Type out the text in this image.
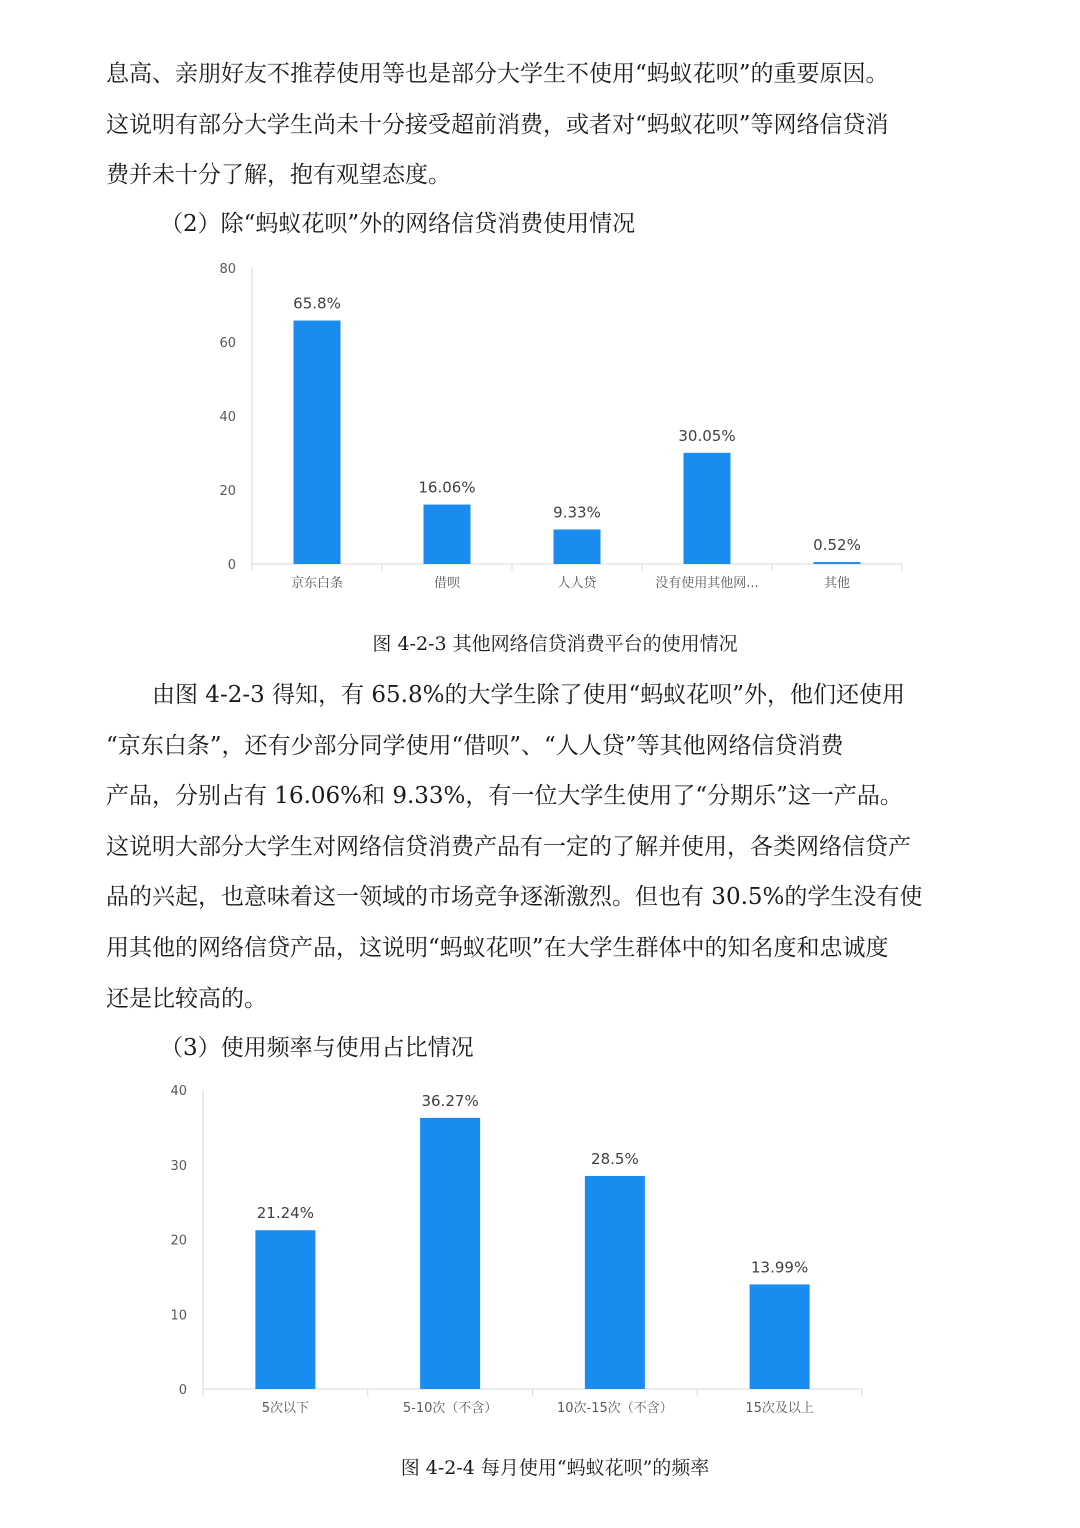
息高、亲朋好友不推荐使用等也是部分大学生不使用“蚂蚁花呗”的重要原因。
这说明有部分大学生尚未十分接受超前消费，或者对“蚂蚁花呗”等网络信贷消
费并未十分了解，抱有观望态度。

（2）除“蚂蚁花呗”外的网络信贷消费使用情况

0
20
40
60
80
65.8%
京东白条
16.06%
借呗
9.33%
人人贷
30.05%
没有使用其他网...
0.52%
其他

图 4-2-3 其他网络信贷消费平台的使用情况

由图 4-2-3 得知，有 65.8%的大学生除了使用“蚂蚁花呗”外，他们还使用
“京东白条”，还有少部分同学使用“借呗”、“人人贷”等其他网络信贷消费
产品，分别占有 16.06%和 9.33%，有一位大学生使用了“分期乐”这一产品。
这说明大部分大学生对网络信贷消费产品有一定的了解并使用，各类网络信贷产
品的兴起，也意味着这一领域的市场竞争逐渐激烈。但也有 30.5%的学生没有使
用其他的网络信贷产品，这说明“蚂蚁花呗”在大学生群体中的知名度和忠诚度
还是比较高的。

（3）使用频率与使用占比情况

0
10
20
30
40
21.24%
5次以下
36.27%
5-10次（不含）
28.5%
10次-15次（不含）
13.99%
15次及以上

图 4-2-4 每月使用“蚂蚁花呗”的频率
